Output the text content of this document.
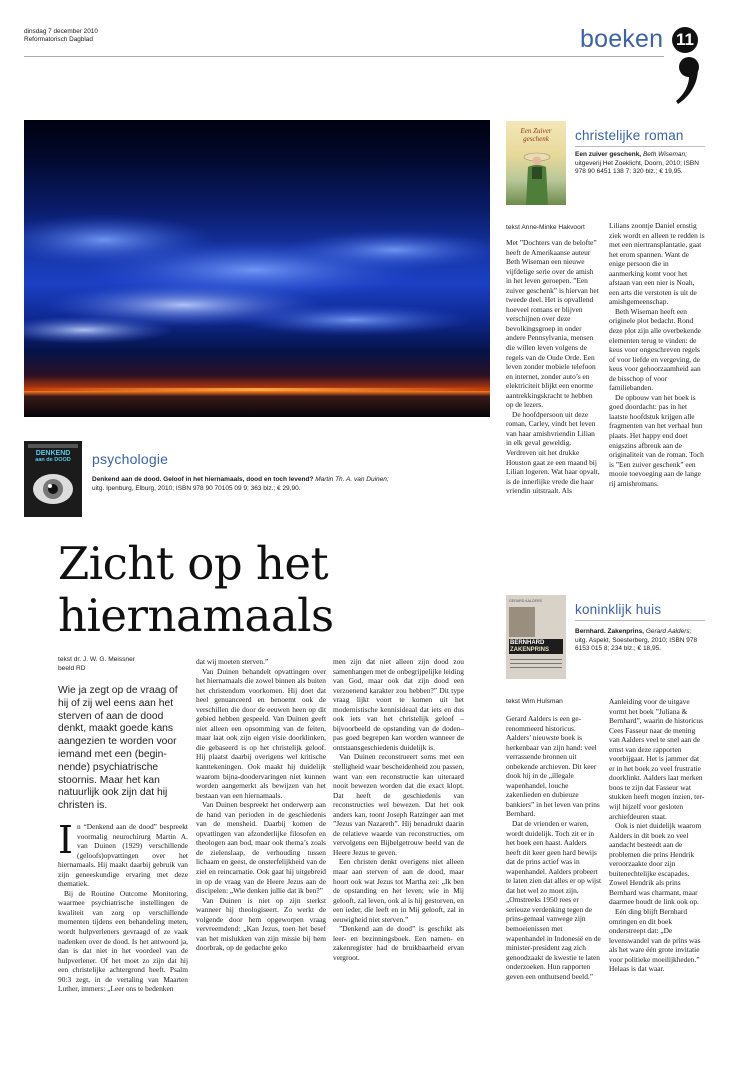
dinsdag 7 december 2010
Reformatorisch Dagblad	boeken 11
DENKEND
aan de DOOD	psychologie
Denkend aan de dood. Geloof in het hiernamaals, dood en toch levend? Martin Th. A. van Duinen;
uitg. Ipenburg, Elburg, 2010; ISBN 978 90 70105 09 9; 363 blz.; € 29,90.
Zicht op het
hiernamaals
tekst dr. J. W. G. Meissner
beeld RD
Wie ja zegt op de vraag of hij of zij wel eens aan het sterven of aan de dood denkt, maakt goede kans aangezien te worden voor iemand met een (beginnende) psychiatrische stoornis. Maar het kan natuurlijk ook zijn dat hij christen is.
I n “Denkend aan de dood” bespreekt voormalig neurochirurg Martin A. van Duinen (1929) verschillende (geloofs)opvattingen over het hiernamaals. Hij maakt daarbij gebruik van zijn geneeskundige ervaring met deze thematiek.

Bij de Routine Outcome Monitoring, waarmee psychiatrische instellingen de kwaliteit van zorg op verschillende momenten tijdens een behandeling meten, wordt hulpverleners gevraagd of ze vaak nadenken over de dood. Is het antwoord ja, dan is dat niet in het voordeel van de hulpverlener. Of het moet zo zijn dat hij een christelijke achtergrond heeft. Psalm 90:3 zegt, in de vertaling van Maarten Luther, immers: „Leer ons te bedenken

dat wij moeten sterven.”

Van Duinen behandelt opvattingen over het hiernamaals die zowel binnen als buiten het christendom voorkomen. Hij doet dat heel genuanceerd en benoemt ook de verschillen die door de eeuwen heen op dit gebied hebben gespeeld. Van Duinen geeft niet alleen een opsomming van de feiten, maar laat ook zijn eigen visie doorklinken, die gebaseerd is op het christelijk geloof. Hij plaatst daarbij overigens wel kritische kanttekeningen. Ook maakt hij duidelijk waarom bijna-doodervaringen niet kunnen worden aangemerkt als bewijzen van het bestaan van een hiernamaals.

Van Duinen bespreekt het onderwerp aan de hand van perioden in de geschiedenis van de mensheid. Daarbij komen de opvattingen van afzonderlijke filosofen en theologen aan bod, maar ook thema’s zoals de zielenslaap, de verhouding tussen lichaam en geest, de onsterfelijkheid van de ziel en reincarnatie. Ook gaat hij uitgebreid in op de vraag van de Heere Jezus aan de discipelen: „Wie denken jullie dat ik ben?”

Van Duinen is niet op zijn sterkst wanneer hij theologiseert. Zo werkt de volgende door hem opgeworpen vraag vervreemdend: „Kan Jezus, toen het besef van het mislukken van zijn missie bij hem doorbrak, op de gedachte geko

men zijn dat niet alleen zijn dood zou samenhangen met de onbegrijpelijke leiding van God, maar ook dat zijn dood een verzoenend karakter zou hebben?” Dit type vraag lijkt voort te komen uit het modernistische kennisideaal dat iets en dus ook iets van het christelijk geloof –bijvoorbeeld de opstanding van de doden– pas goed begrepen kan worden wanneer de ontstaansgeschiedenis duidelijk is.

Van Duinen reconstrueert soms met een stelligheid waar bescheidenheid zou passen, want van een reconstructie kan uiteraard nooit bewezen worden dat die exact klopt. Dat heeft de geschiedenis van reconstructies wel bewezen. Dat het ook anders kan, toont Joseph Ratzinger aan met ”Jezus van Nazareth”. Hij benadrukt daarin de relatieve waarde van reconstructies, om vervolgens een Bijbelgetrouw beeld van de Heere Jezus te geven.

Een christen denkt overigens niet alleen maar aan sterven of aan de dood, maar hoort ook wat Jezus tot Martha zei: „Ik ben de opstanding en het leven; wie in Mij gelooft, zal leven, ook al is hij gestorven, en een ieder, die leeft en in Mij gelooft, zal in eeuwigheid niet sterven.”

”Denkend aan de dood” is geschikt als leer- en bezinningsboek. Een namen- en zakenregister had de bruikbaarheid ervan vergroot.

Een Zuiver geschenk	christelijke roman
Een zuiver geschenk, Beth Wiseman; uitgeverij Het Zoeklicht, Doorn, 2010; ISBN 978 90 6451 138 7; 320 blz.; € 19,95.
tekst Anne-Minke Hakvoort

Met ”Dochters van de belofte” heeft de Amerikaanse auteur Beth Wiseman een nieuwe vijfdelige serie over de amish in het leven geroepen. ”Een zuiver geschenk” is hiervan het tweede deel. Het is opvallend hoeveel romans er blijven verschijnen over deze bevolkingsgroep in onder andere Pennsylvania, mensen die willen leven volgens de regels van de Oude Orde. Een leven zonder mobiele telefoon en internet, zonder auto’s en elektriciteit blijkt een enorme aantrekkingskracht te hebben op de lezers.

De hoofdpersoon uit deze roman, Carley, vindt het leven van haar amishvriendin Lilian in elk geval geweldig. Verdreven uit het drukke Houston gaat ze een maand bij Lilian logeren. Wat haar opvalt, is de innerlijke vrede die haar vriendin uitstraalt. Als

Lilians zoontje Daniel ernstig ziek wordt en alleen te redden is met een niertransplantatie, gaat het erom spannen. Want de enige persoon die in aanmerking komt voor het afstaan van een nier is Noah, een arts die verstoten is uit de amishgemeenschap.

Beth Wiseman heeft een originele plot bedacht. Rond deze plot zijn alle overbekende elementen terug te vinden: de keus voor ongeschreven regels of voor liefde en vergeving, de keus voor gehoorzaamheid aan de bisschop of voor familiebanden.

De opbouw van het boek is goed doordacht: pas in het laatste hoofdstuk krijgen alle fragmenten van het verhaal hun plaats. Het happy end doet enigszins afbreuk aan de originaliteit van de roman. Toch is ”Een zuiver geschenk” een mooie toevoeging aan de lange rij amishromans.

GERARD AALDERS
BERNHARD
ZAKENPRINS
koninklijk huis
Bernhard. Zakenprins, Gerard Aalders; uitg. Aspekt, Soesterberg, 2010; ISBN 978 6153 015 8; 234 blz.; € 18,95.
tekst Wim Hulsman

Gerard Aalders is een gerenommeerd historicus. Aalders’ nieuwste boek is herkenbaar van zijn hand: veel verrassende bronnen uit onbekende archieven. Dit keer dook hij in de „illegale wapenhandel, louche zakenlieden en dubieuze bankiers” in het leven van prins Bernhard.

Dat de vrienden er waren, wordt duidelijk. Toch zit er in het boek een haast. Aalders heeft dit keer geen hard bewijs dat de prins actief was in wapenhandel. Aalders probeert te laten zien dat alles er op wijst dat het wel zo moet zijn. „Omstreeks 1950 rees er serieuze verdenking tegen de prins-gemaal vanwege zijn bemoeienissen met wapenhandel in Indonesië en de minister-president zag zich genoodzaakt de kwestie te laten onderzoeken. Hun rapporten geven een onthutsend beeld.”

Aanleiding voor de uitgave vormt het boek ”Juliana & Bernhard”, waarin de historicus Cees Fasseur naar de mening van Aalders veel te snel aan de ernst van deze rapporten voorbijgaat. Het is jammer dat er in het boek zo veel frustratie doorklinkt. Aalders laat merken boos te zijn dat Fasseur wat stukken heeft mogen inzien, terwijl hijzelf voor gesloten archiefdeuren staat.

Ook is niet duidelijk waarom Aalders in dit boek zo veel aandacht besteedt aan de problemen die prins Hendrik veroorzaakte door zijn buitenechtelijke escapades. Zowel Hendrik als prins Bernhard was charmant, maar daarmee houdt de link ook op.

Eén ding blijft Bernhard omringen en dit boek onderstreept dat: „De levenswandel van de prins was als het ware één grote invitatie voor politieke moeilijkheden.” Helaas is dat waar.
